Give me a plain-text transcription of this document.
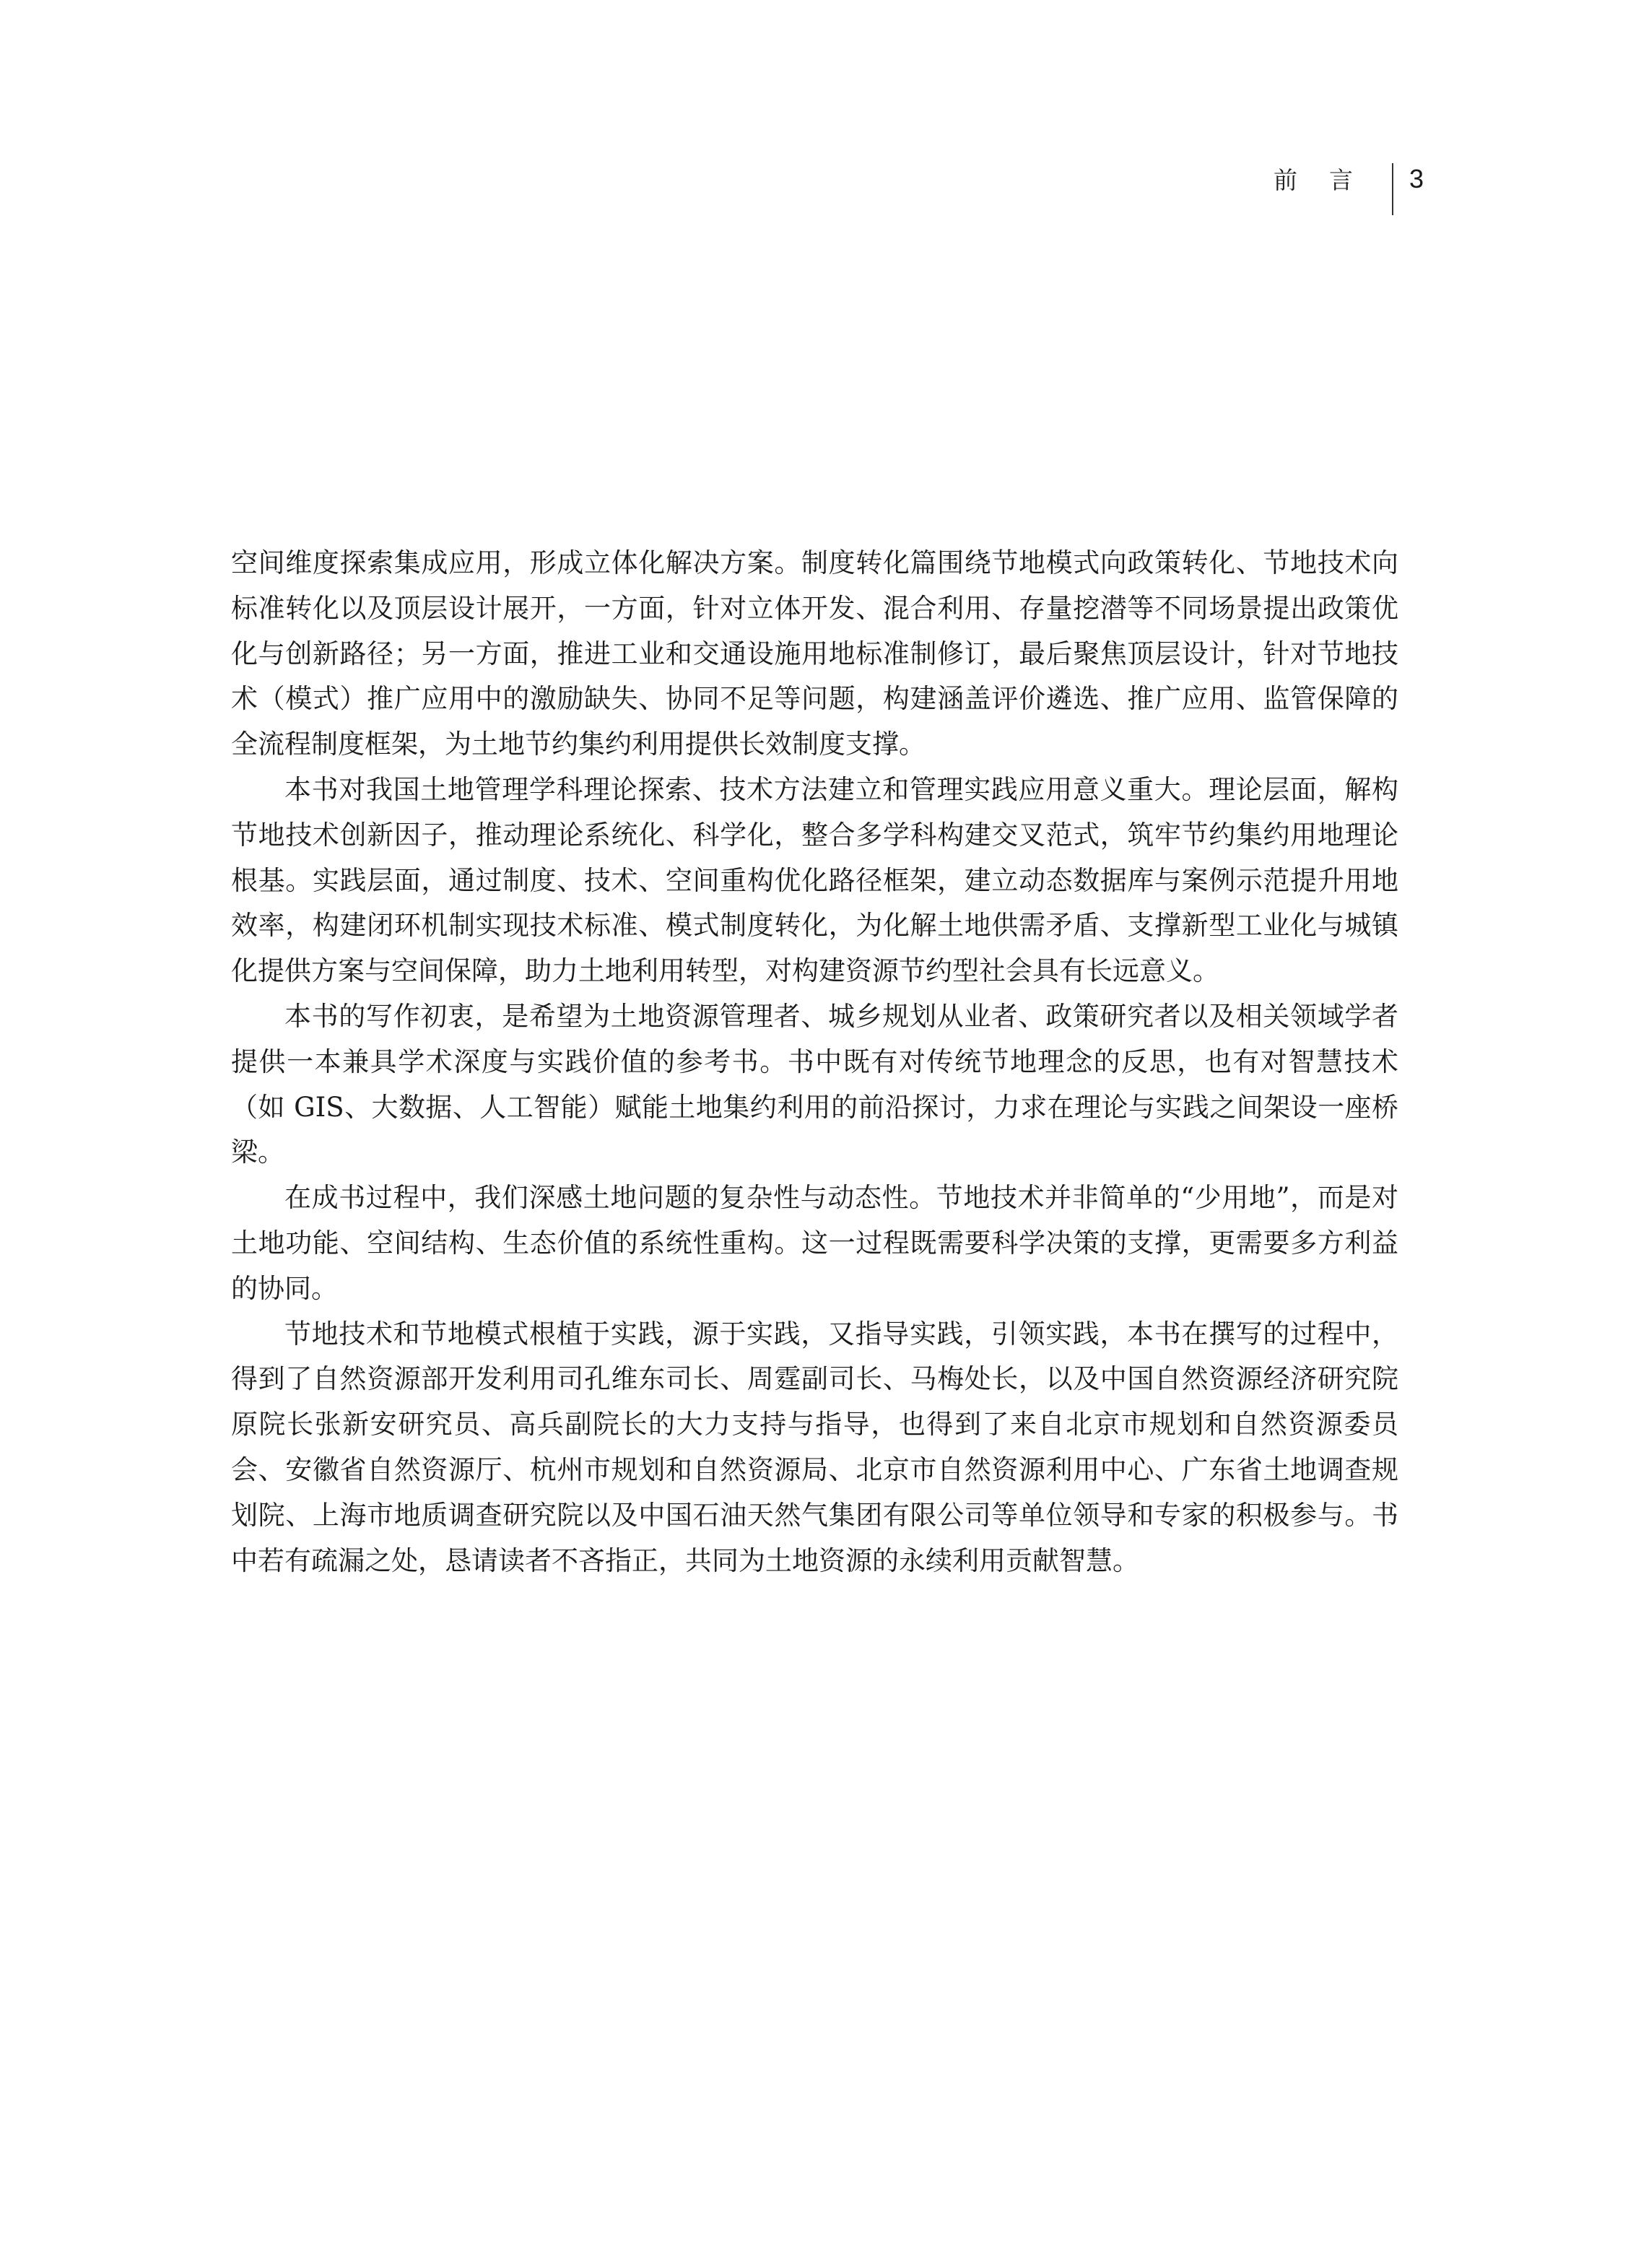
前言 3

空间维度探索集成应用，形成立体化解决方案。制度转化篇围绕节地模式向政策转化、节地技术向标准转化以及顶层设计展开，一方面，针对立体开发、混合利用、存量挖潜等不同场景提出政策优化与创新路径；另一方面，推进工业和交通设施用地标准制修订，最后聚焦顶层设计，针对节地技术（模式）推广应用中的激励缺失、协同不足等问题，构建涵盖评价遴选、推广应用、监管保障的全流程制度框架，为土地节约集约利用提供长效制度支撑。

本书对我国土地管理学科理论探索、技术方法建立和管理实践应用意义重大。理论层面，解构节地技术创新因子，推动理论系统化、科学化，整合多学科构建交叉范式，筑牢节约集约用地理论根基。实践层面，通过制度、技术、空间重构优化路径框架，建立动态数据库与案例示范提升用地效率，构建闭环机制实现技术标准、模式制度转化，为化解土地供需矛盾、支撑新型工业化与城镇化提供方案与空间保障，助力土地利用转型，对构建资源节约型社会具有长远意义。

本书的写作初衷，是希望为土地资源管理者、城乡规划从业者、政策研究者以及相关领域学者提供一本兼具学术深度与实践价值的参考书。书中既有对传统节地理念的反思，也有对智慧技术（如 GIS、大数据、人工智能）赋能土地集约利用的前沿探讨，力求在理论与实践之间架设一座桥梁。

在成书过程中，我们深感土地问题的复杂性与动态性。节地技术并非简单的“少用地”，而是对土地功能、空间结构、生态价值的系统性重构。这一过程既需要科学决策的支撑，更需要多方利益的协同。

节地技术和节地模式根植于实践，源于实践，又指导实践，引领实践，本书在撰写的过程中，得到了自然资源部开发利用司孔维东司长、周霆副司长、马梅处长，以及中国自然资源经济研究院原院长张新安研究员、高兵副院长的大力支持与指导，也得到了来自北京市规划和自然资源委员会、安徽省自然资源厅、杭州市规划和自然资源局、北京市自然资源利用中心、广东省土地调查规划院、上海市地质调查研究院以及中国石油天然气集团有限公司等单位领导和专家的积极参与。书中若有疏漏之处，恳请读者不吝指正，共同为土地资源的永续利用贡献智慧。
